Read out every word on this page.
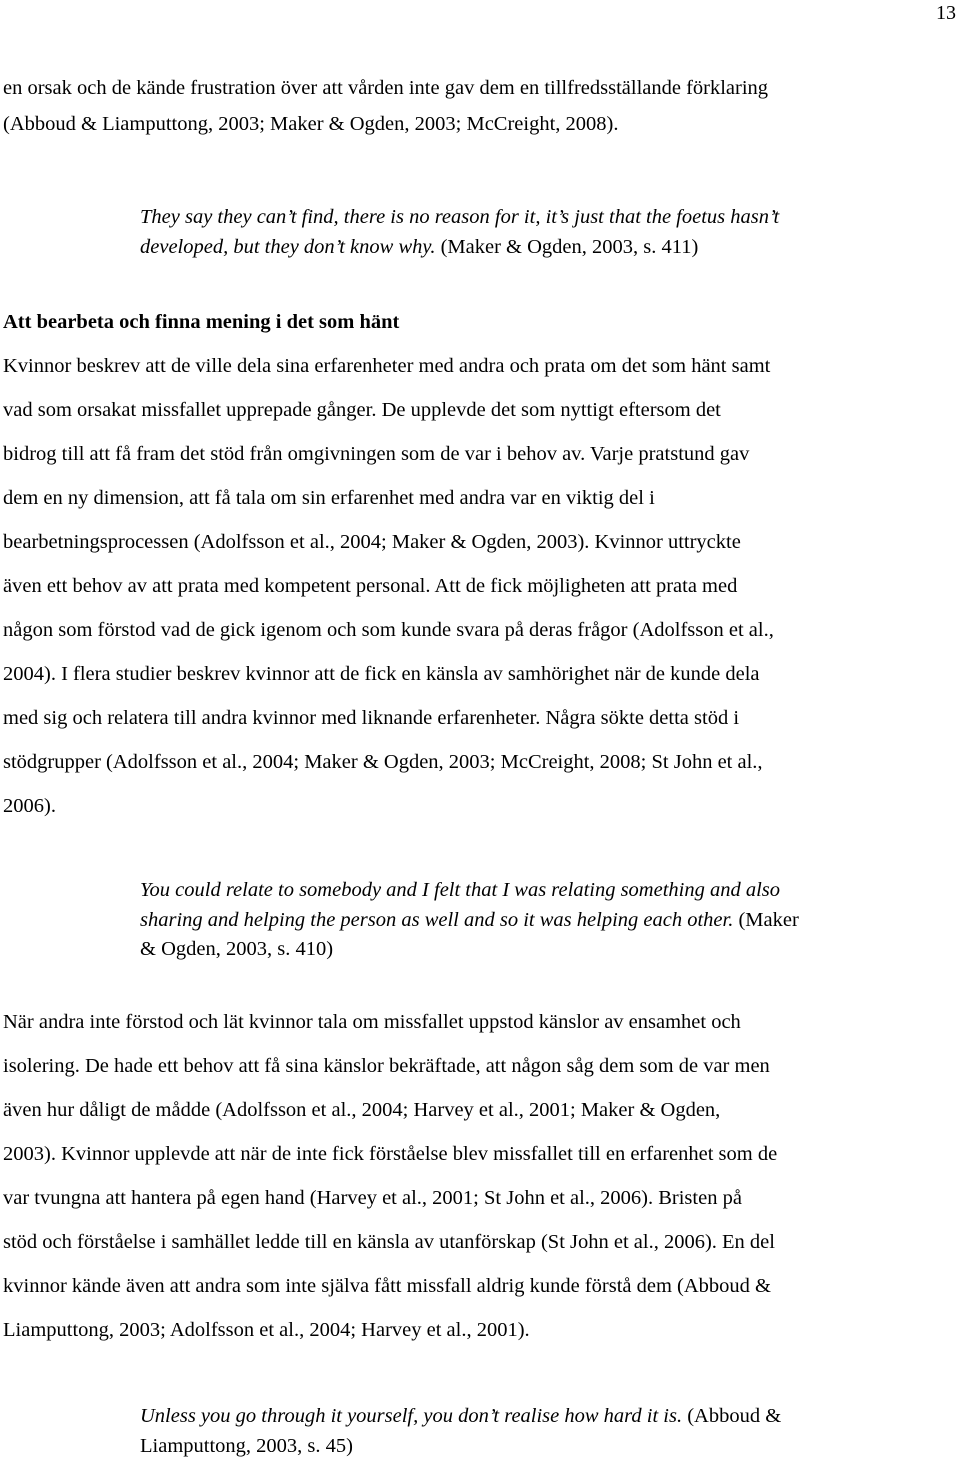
13
en orsak och de kände frustration över att vården inte gav dem en tillfredsställande förklaring
(Abboud & Liamputtong, 2003; Maker & Ogden, 2003; McCreight, 2008).
They say they can’t find, there is no reason for it, it’s just that the foetus hasn’t
developed, but they don’t know why. (Maker & Ogden, 2003, s. 411)
Att bearbeta och finna mening i det som hänt
Kvinnor beskrev att de ville dela sina erfarenheter med andra och prata om det som hänt samt
vad som orsakat missfallet upprepade gånger. De upplevde det som nyttigt eftersom det
bidrog till att få fram det stöd från omgivningen som de var i behov av. Varje pratstund gav
dem en ny dimension, att få tala om sin erfarenhet med andra var en viktig del i
bearbetningsprocessen (Adolfsson et al., 2004; Maker & Ogden, 2003). Kvinnor uttryckte
även ett behov av att prata med kompetent personal. Att de fick möjligheten att prata med
någon som förstod vad de gick igenom och som kunde svara på deras frågor (Adolfsson et al.,
2004). I flera studier beskrev kvinnor att de fick en känsla av samhörighet när de kunde dela
med sig och relatera till andra kvinnor med liknande erfarenheter. Några sökte detta stöd i
stödgrupper (Adolfsson et al., 2004; Maker & Ogden, 2003; McCreight, 2008; St John et al.,
2006).
You could relate to somebody and I felt that I was relating something and also
sharing and helping the person as well and so it was helping each other. (Maker
& Ogden, 2003, s. 410)
När andra inte förstod och lät kvinnor tala om missfallet uppstod känslor av ensamhet och
isolering. De hade ett behov att få sina känslor bekräftade, att någon såg dem som de var men
även hur dåligt de mådde (Adolfsson et al., 2004; Harvey et al., 2001; Maker & Ogden,
2003). Kvinnor upplevde att när de inte fick förståelse blev missfallet till en erfarenhet som de
var tvungna att hantera på egen hand (Harvey et al., 2001; St John et al., 2006). Bristen på
stöd och förståelse i samhället ledde till en känsla av utanförskap (St John et al., 2006). En del
kvinnor kände även att andra som inte själva fått missfall aldrig kunde förstå dem (Abboud &
Liamputtong, 2003; Adolfsson et al., 2004; Harvey et al., 2001).
Unless you go through it yourself, you don’t realise how hard it is. (Abboud &
Liamputtong, 2003, s. 45)
